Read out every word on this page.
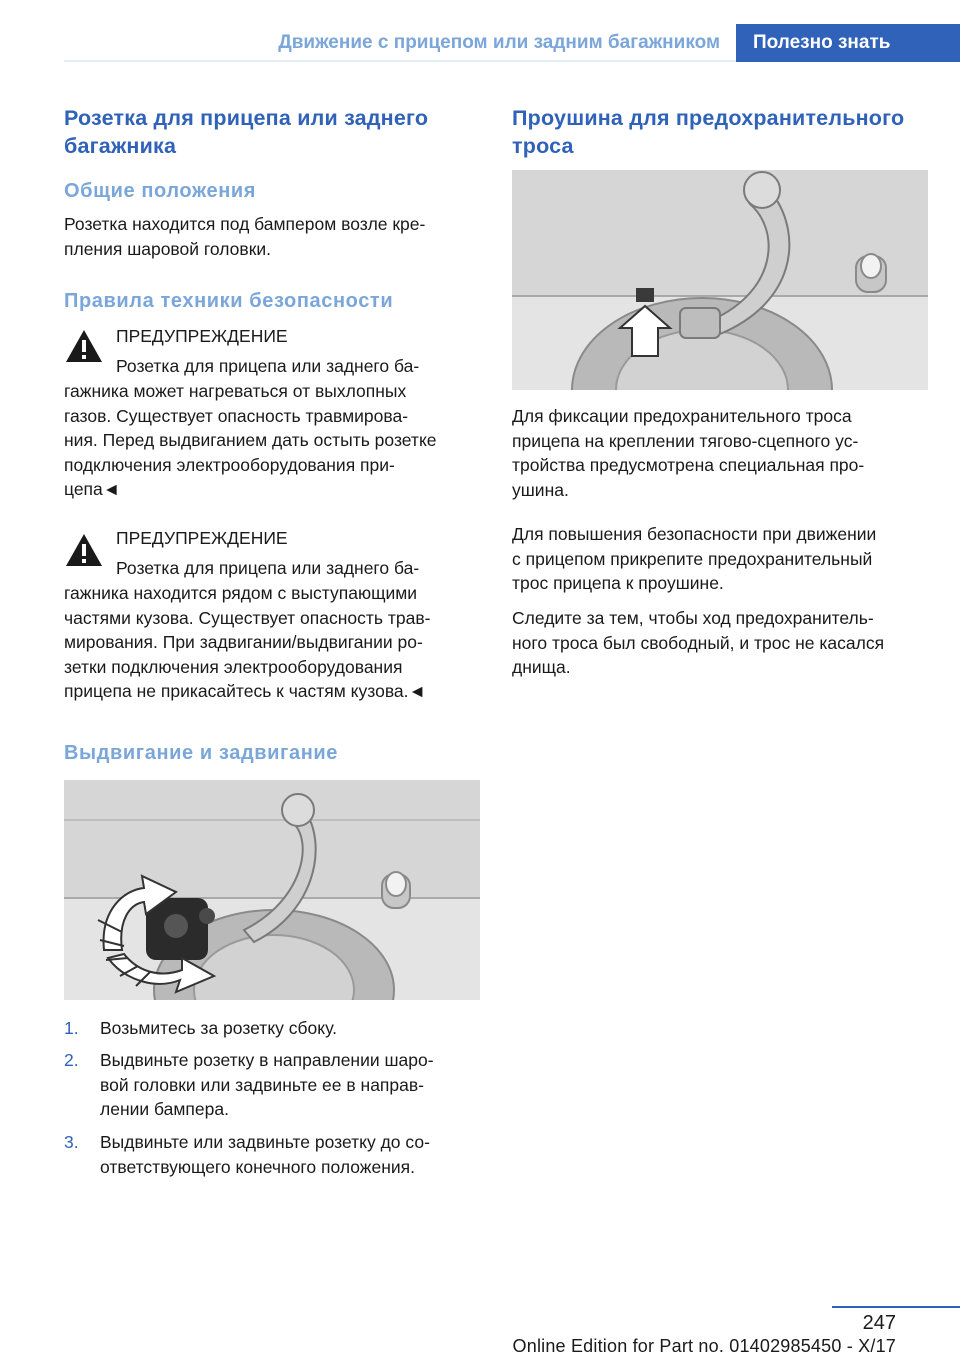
Движение с прицепом или задним багажником	Полезно знать
Розетка для прицепа или заднего
багажника
Общие положения
Розетка находится под бампером возле кре-
пления шаровой головки.
Правила техники безопасности
ПРЕДУПРЕЖДЕНИЕ
Розетка для прицепа или заднего ба-
гажника может нагреваться от выхлопных
газов. Существует опасность травмирова-
ния. Перед выдвиганием дать остыть розетке
подключения электрооборудования при-
цепа◄
ПРЕДУПРЕЖДЕНИЕ
Розетка для прицепа или заднего ба-
гажника находится рядом с выступающими
частями кузова. Существует опасность трав-
мирования. При задвигании/выдвигании ро-
зетки подключения электрооборудования
прицепа не прикасайтесь к частям кузова.◄
Выдвигание и задвигание
1. Возьмитесь за розетку сбоку.
2. Выдвиньте розетку в направлении шаро-
вой головки или задвиньте ее в направ-
лении бампера.
3. Выдвиньте или задвиньте розетку до со-
ответствующего конечного положения.
Проушина для предохранительного
троса
Для фиксации предохранительного троса
прицепа на креплении тягово-сцепного ус-
тройства предусмотрена специальная про-
ушина.
Для повышения безопасности при движении
с прицепом прикрепите предохранительный
трос прицепа к проушине.
Следите за тем, чтобы ход предохранитель-
ного троса был свободный, и трос не касался
днища.
247
Online Edition for Part no. 01402985450 - X/17
